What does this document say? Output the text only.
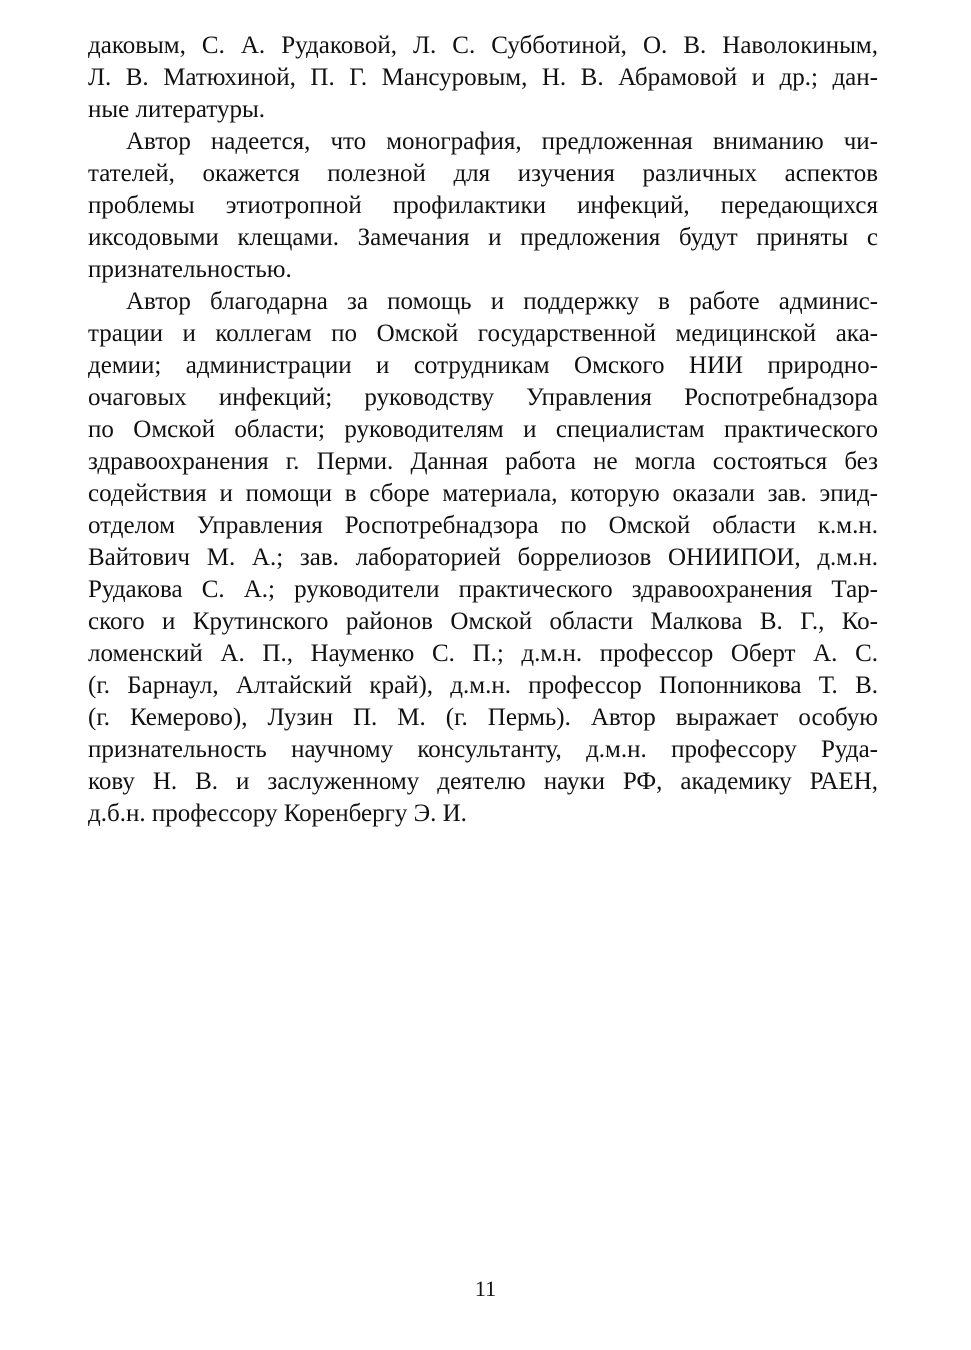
даковым, С. А. Рудаковой, Л. С. Субботиной, О. В. Наволокиным,
Л. В. Матюхиной, П. Г. Мансуровым, Н. В. Абрамовой и др.; дан-
ные литературы.
Автор надеется, что монография, предложенная вниманию чи-
тателей, окажется полезной для изучения различных аспектов
проблемы этиотропной профилактики инфекций, передающихся
иксодовыми клещами. Замечания и предложения будут приняты с
признательностью.
Автор благодарна за помощь и поддержку в работе админис-
трации и коллегам по Омской государственной медицинской ака-
демии; администрации и сотрудникам Омского НИИ природно-
очаговых инфекций; руководству Управления Роспотребнадзора
по Омской области; руководителям и специалистам практического
здравоохранения г. Перми. Данная работа не могла состояться без
содействия и помощи в сборе материала, которую оказали зав. эпид-
отделом Управления Роспотребнадзора по Омской области к.м.н.
Вайтович М. А.; зав. лабораторией боррелиозов ОНИИПОИ, д.м.н.
Рудакова С. А.; руководители практического здравоохранения Тар-
ского и Крутинского районов Омской области Малкова В. Г., Ко-
ломенский А. П., Науменко С. П.; д.м.н. профессор Оберт А. С.
(г. Барнаул, Алтайский край), д.м.н. профессор Попонникова Т. В.
(г. Кемерово), Лузин П. М. (г. Пермь). Автор выражает особую
признательность научному консультанту, д.м.н. профессору Руда-
кову Н. В. и заслуженному деятелю науки РФ, академику РАЕН,
д.б.н. профессору Коренбергу Э. И.
11
